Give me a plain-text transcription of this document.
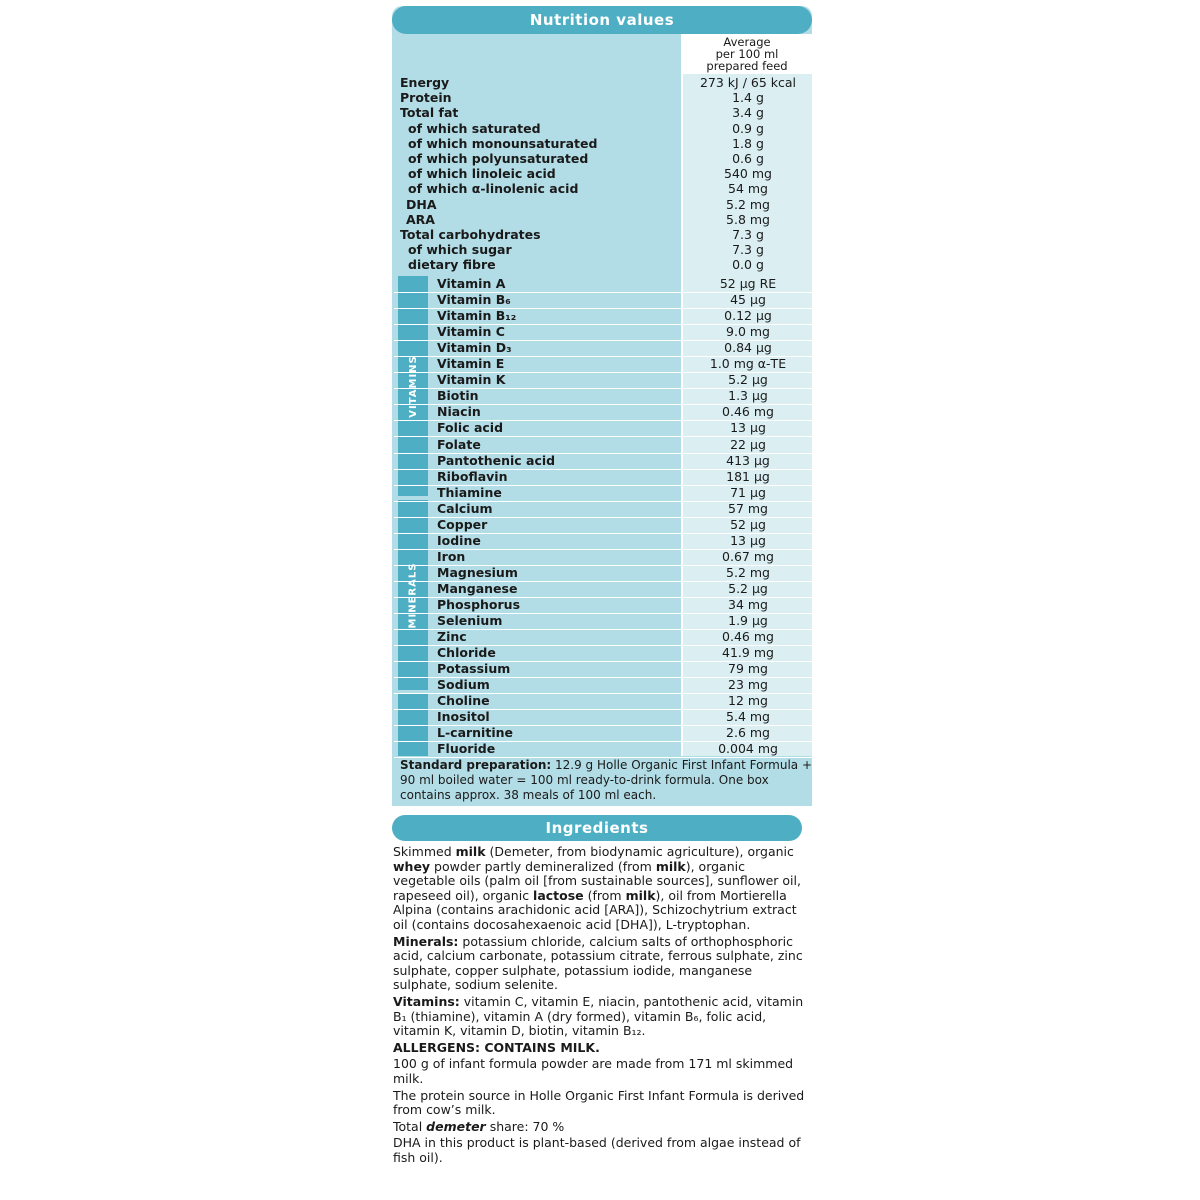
Nutrition values
Average
per 100 ml
prepared feed
VITAMINS
MINERALS
Energy	273 kJ / 65 kcal
Protein	1.4 g
Total fat	3.4 g
of which saturated	0.9 g
of which monounsaturated	1.8 g
of which polyunsaturated	0.6 g
of which linoleic acid	540 mg
of which α-linolenic acid	54 mg
DHA	5.2 mg
ARA	5.8 mg
Total carbohydrates	7.3 g
of which sugar	7.3 g
dietary fibre	0.0 g
Vitamin A	52 µg RE
Vitamin B₆	45 µg
Vitamin B₁₂	0.12 µg
Vitamin C	9.0 mg
Vitamin D₃	0.84 µg
Vitamin E	1.0 mg α-TE
Vitamin K	5.2 µg
Biotin	1.3 µg
Niacin	0.46 mg
Folic acid	13 µg
Folate	22 µg
Pantothenic acid	413 µg
Riboflavin	181 µg
Thiamine	71 µg
Calcium	57 mg
Copper	52 µg
Iodine	13 µg
Iron	0.67 mg
Magnesium	5.2 mg
Manganese	5.2 µg
Phosphorus	34 mg
Selenium	1.9 µg
Zinc	0.46 mg
Chloride	41.9 mg
Potassium	79 mg
Sodium	23 mg
Choline	12 mg
Inositol	5.4 mg
L-carnitine	2.6 mg
Fluoride	0.004 mg
Standard preparation: 12.9 g Holle Organic First Infant Formula + 90 ml boiled water = 100 ml ready-to-drink formula. One box contains approx. 38 meals of 100 ml each.
Ingredients

Skimmed milk (Demeter, from biodynamic agriculture), organic whey powder partly demineralized (from milk), organic vegetable oils (palm oil [from sustainable sources], sunflower oil, rapeseed oil), organic lactose (from milk), oil from Mortierella Alpina (contains arachidonic acid [ARA]), Schizochytrium extract oil (contains docosahexaenoic acid [DHA]), L-tryptophan.

Minerals: potassium chloride, calcium salts of orthophosphoric acid, calcium carbonate, potassium citrate, ferrous sulphate, zinc sulphate, copper sulphate, potassium iodide, manganese sulphate, sodium selenite.

Vitamins: vitamin C, vitamin E, niacin, pantothenic acid, vitamin B₁ (thiamine), vitamin A (dry formed), vitamin B₆, folic acid, vitamin K, vitamin D, biotin, vitamin B₁₂.

ALLERGENS: CONTAINS MILK.

100 g of infant formula powder are made from 171 ml skimmed milk.

The protein source in Holle Organic First Infant Formula is derived from cow’s milk.

Total demeter share: 70 %

DHA in this product is plant-based (derived from algae instead of fish oil).
